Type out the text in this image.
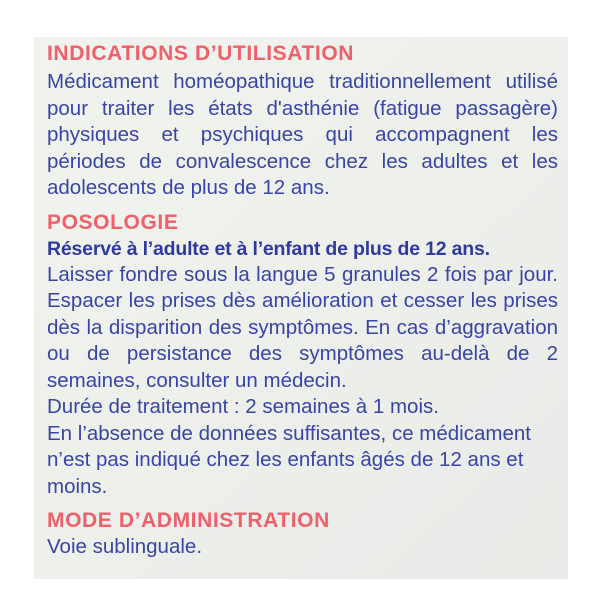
INDICATIONS D’UTILISATION

Médicament homéopathique traditionnellement utilisé pour traiter les états d'asthénie (fatigue passagère) physiques et psychiques qui accompagnent les périodes de convalescence chez les adultes et les adolescents de plus de 12 ans.

POSOLOGIE

Réservé à l’adulte et à l’enfant de plus de 12 ans.

Laisser fondre sous la langue 5 granules 2 fois par jour. Espacer les prises dès amélioration et cesser les prises dès la disparition des symptômes. En cas d’aggravation ou de persistance des symptômes au-delà de 2 semaines, consulter un médecin.

Durée de traitement : 2 semaines à 1 mois.

En l’absence de données suffisantes, ce médicament n’est pas indiqué chez les enfants âgés de 12 ans et moins.

MODE D’ADMINISTRATION

Voie sublinguale.
